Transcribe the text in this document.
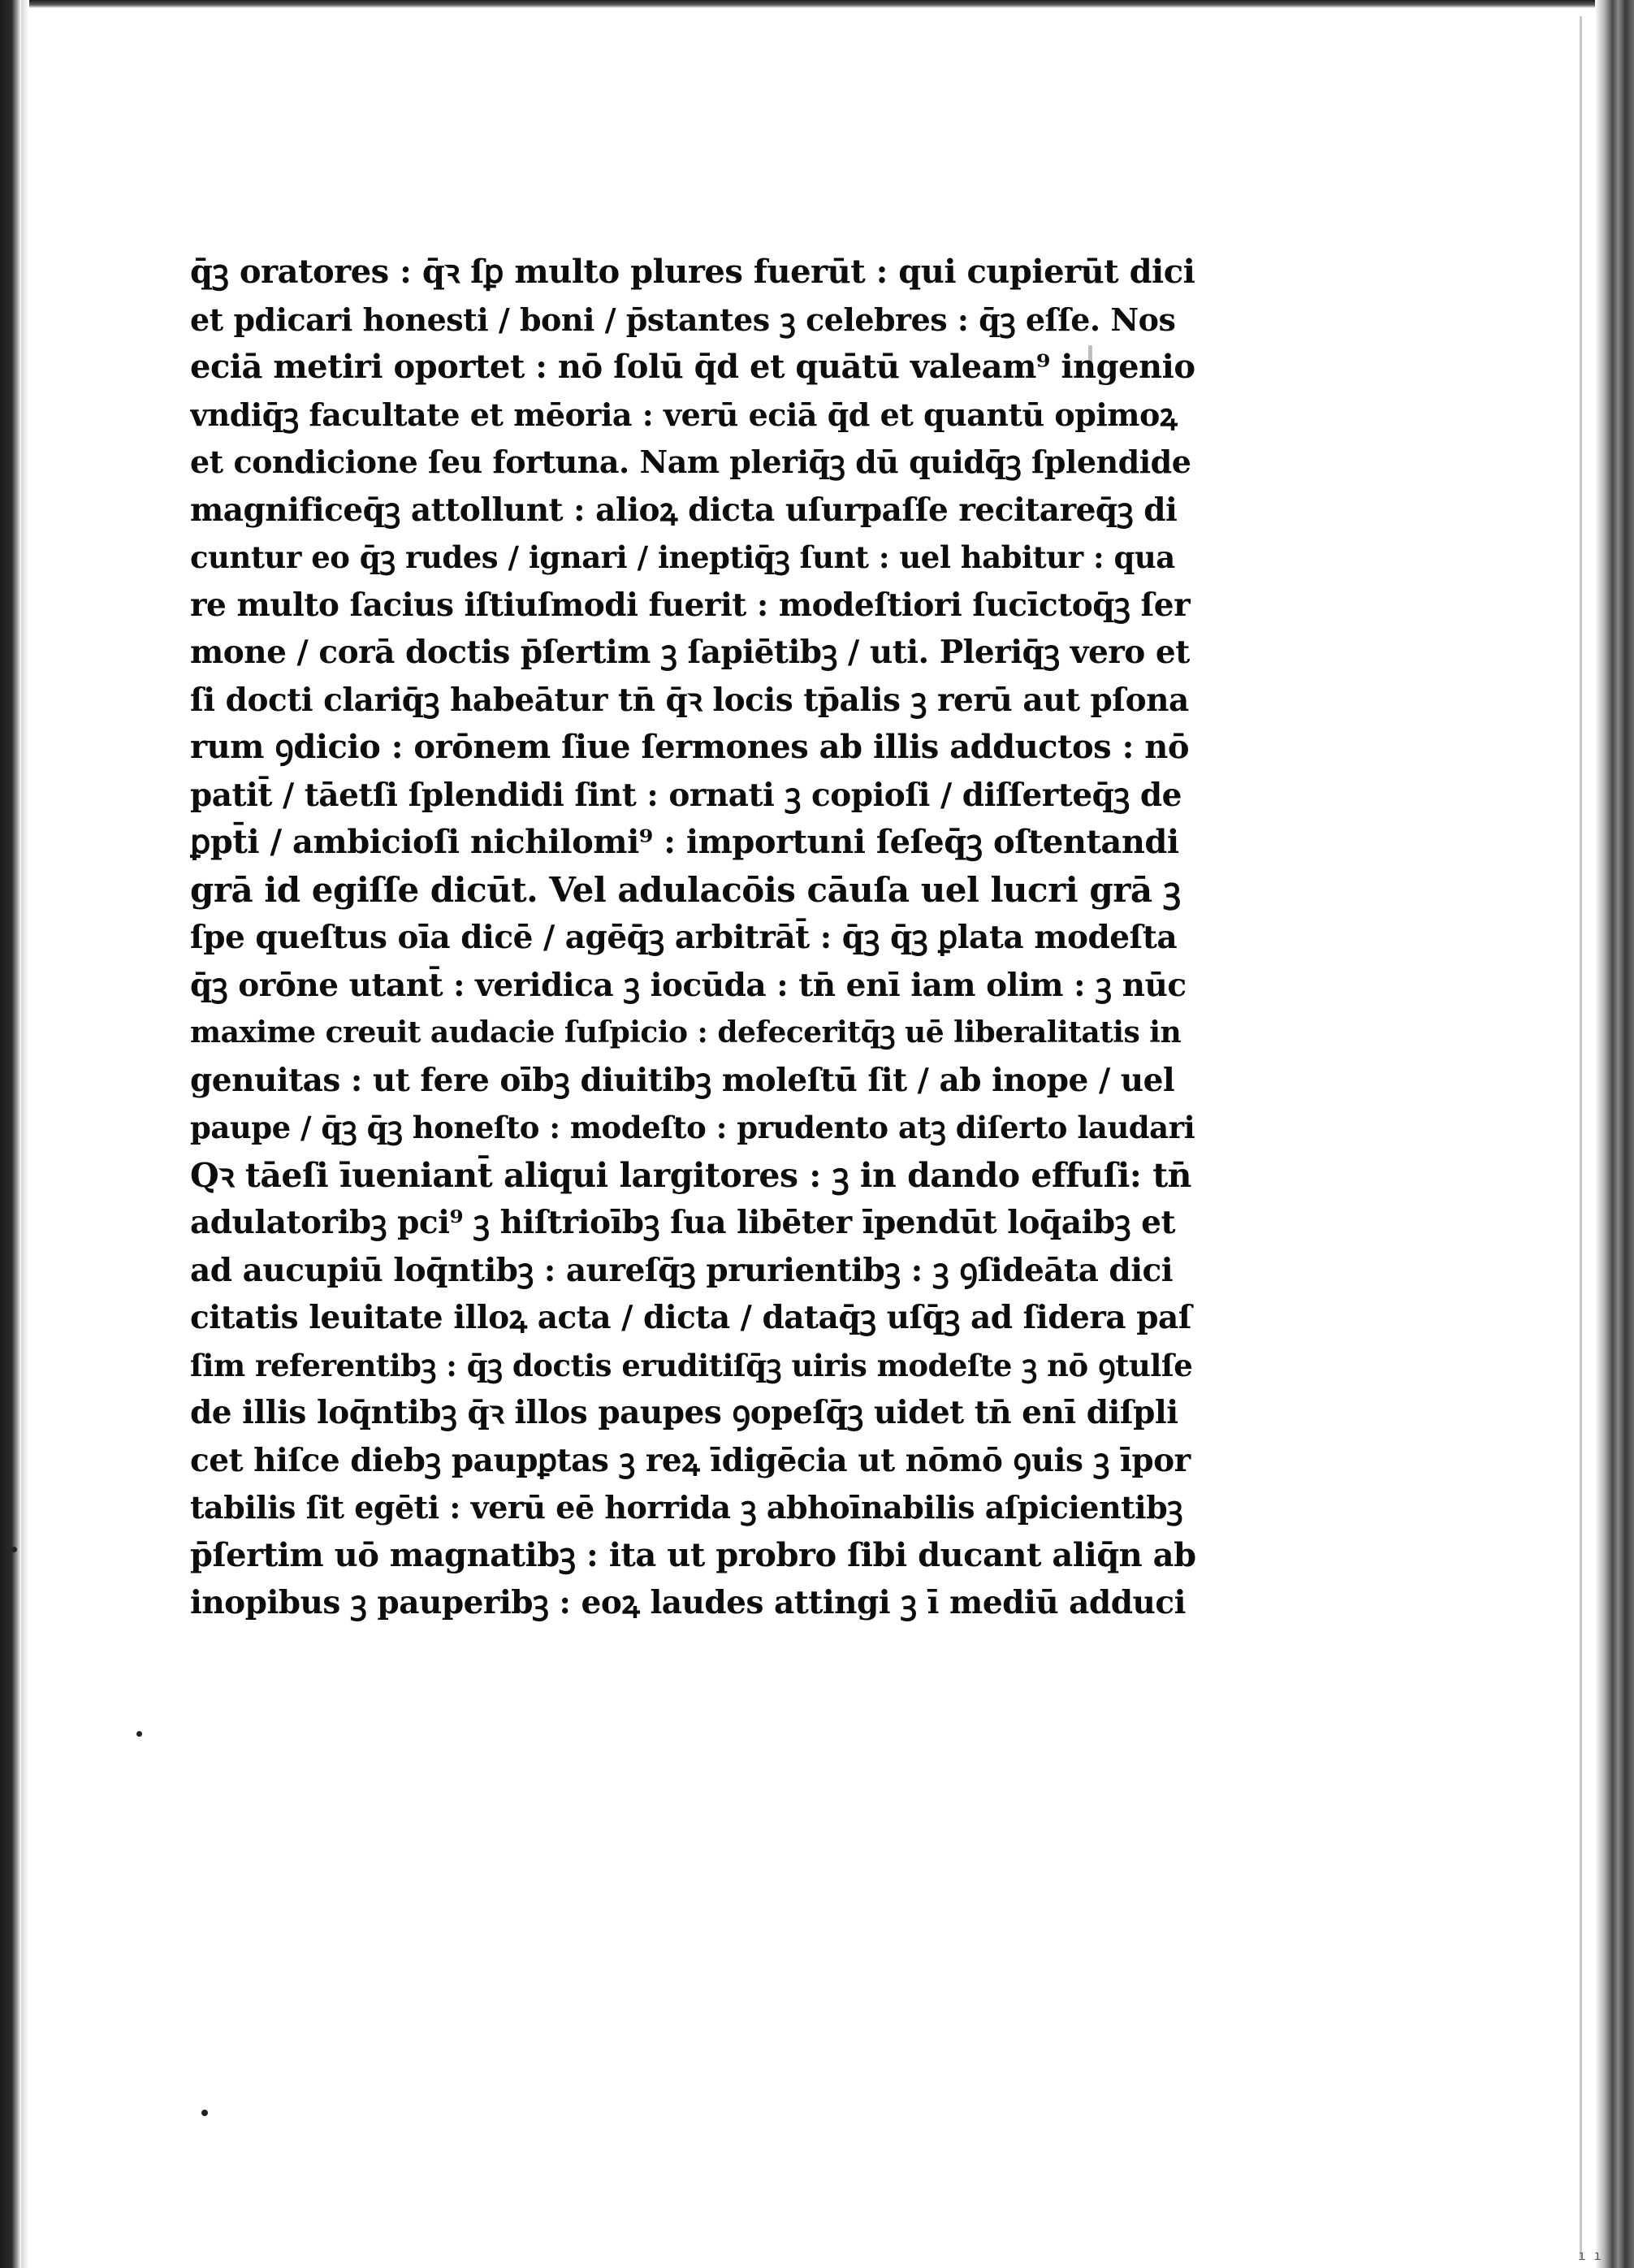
q̄ꝫ oratores : q̄ꝛ ſꝑ multo plures fuerūt : qui cupierūt dici
et pdicari honesti / boni / p̄stantes ꝫ celebres : q̄ꝫ eſſe. Nos
eciā metiri oportet : nō ſolū q̄d et quātū valeam⁹ ingenio
vndiq̄ꝫ facultate et mēoria : verū eciā q̄d et quantū opimoꝝ
et condicione ſeu fortuna. Nam pleriq̄ꝫ dū quidq̄ꝫ ſplendide
magnificeq̄ꝫ attollunt : alioꝝ dicta uſurpaſſe recitareq̄ꝫ di
cuntur eo q̄ꝫ rudes / ignari / ineptiq̄ꝫ ſunt : uel habitur : qua
re multo ſacius iſtiuſmodi fuerit : modeſtiori ſucīctoq̄ꝫ ſer
mone / corā doctis p̄ſertim ꝫ ſapiētibꝫ / uti. Pleriq̄ꝫ vero et
ſi docti clariq̄ꝫ habeātur tn̄ q̄ꝛ locis tp̄alis ꝫ rerū aut pſona
rum ꝯdicio : orōnem ſiue ſermones ab illis adductos : nō
patit̄ / tāetſi ſplendidi ſint : ornati ꝫ copioſi / diſſerteq̄ꝫ de
ꝑpt̄i / ambicioſi nichilomi⁹ : importuni ſeſeq̄ꝫ oſtentandi
grā id egiſſe dicūt. Vel adulacōis cāuſa uel lucri grā ꝫ
ſpe queſtus oīa dicē / agēq̄ꝫ arbitrāt̄ : q̄ꝫ q̄ꝫ ꝑlata modeſta
q̄ꝫ orōne utant̄ : veridica ꝫ iocūda : tn̄ enī iam olim : ꝫ nūc
maxime creuit audacie ſuſpicio : defeceritq̄ꝫ uē liberalitatis in
genuitas : ut fere oībꝫ diuitibꝫ moleſtū ſit / ab inope / uel
paupe / q̄ꝫ q̄ꝫ honeſto : modeſto : prudento atꝫ diſerto laudari
Qꝛ tāeſi īueniant̄ aliqui largitores : ꝫ in dando effuſi: tn̄
adulatoribꝫ pci⁹ ꝫ hiſtrioībꝫ ſua libēter īpendūt loq̄aibꝫ et
ad aucupiū loq̄ntibꝫ : aureſq̄ꝫ prurientibꝫ : ꝫ ꝯſideāta dici
citatis leuitate illoꝝ acta / dicta / dataq̄ꝫ uſq̄ꝫ ad ſidera paſ
ſim referentibꝫ : q̄ꝫ doctis eruditiſq̄ꝫ uiris modeſte ꝫ nō ꝯtulſe
de illis loq̄ntibꝫ q̄ꝛ illos paupes ꝯopeſq̄ꝫ uidet tn̄ enī diſpli
cet hiſce diebꝫ paupꝑtas ꝫ reꝝ īdigēcia ut nōmō ꝯuis ꝫ īpor
tabilis ſit egēti : verū eē horrida ꝫ abhoīnabilis aſpicientibꝫ
p̄ſertim uō magnatibꝫ : ita ut probro ſibi ducant aliq̄n ab
inopibus ꝫ pauperibꝫ : eoꝝ laudes attingi ꝫ ī mediū adduci
ı ı
